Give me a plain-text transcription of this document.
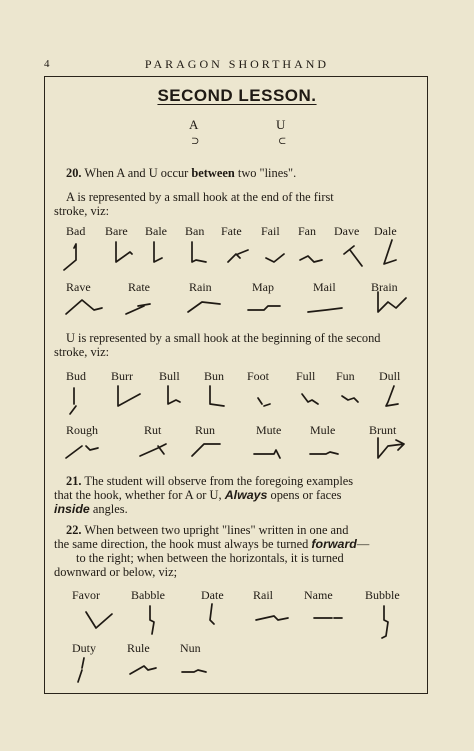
4	PARAGON SHORTHAND
SECOND LESSON.
A	U
⊃	⊂
20. When A and U occur between two "lines".
A is represented by a small hook at the end of the first
stroke, viz:
Bad Bare Bale Ban Fate Fail Fan Dave Dale
Rave	Rate	Rain	Map	Mail	Brain
U is represented by a small hook at the beginning of the second
stroke, viz:
Bud Burr Bull Bun Foot Full Fun Dull
Rough	Rut	Run	Mute Mule	Brunt
21. The student will observe from the foregoing examples
that the hook, whether for A or U, Always opens or faces
inside angles.
22. When between two upright "lines" written in one and
the same direction, the hook must always be turned forward—
to the right; when between the horizontals, it is turned
downward or below, viz;
Favor	Babble	Date Rail	Name	Bubble
Duty	Rule	Nun
